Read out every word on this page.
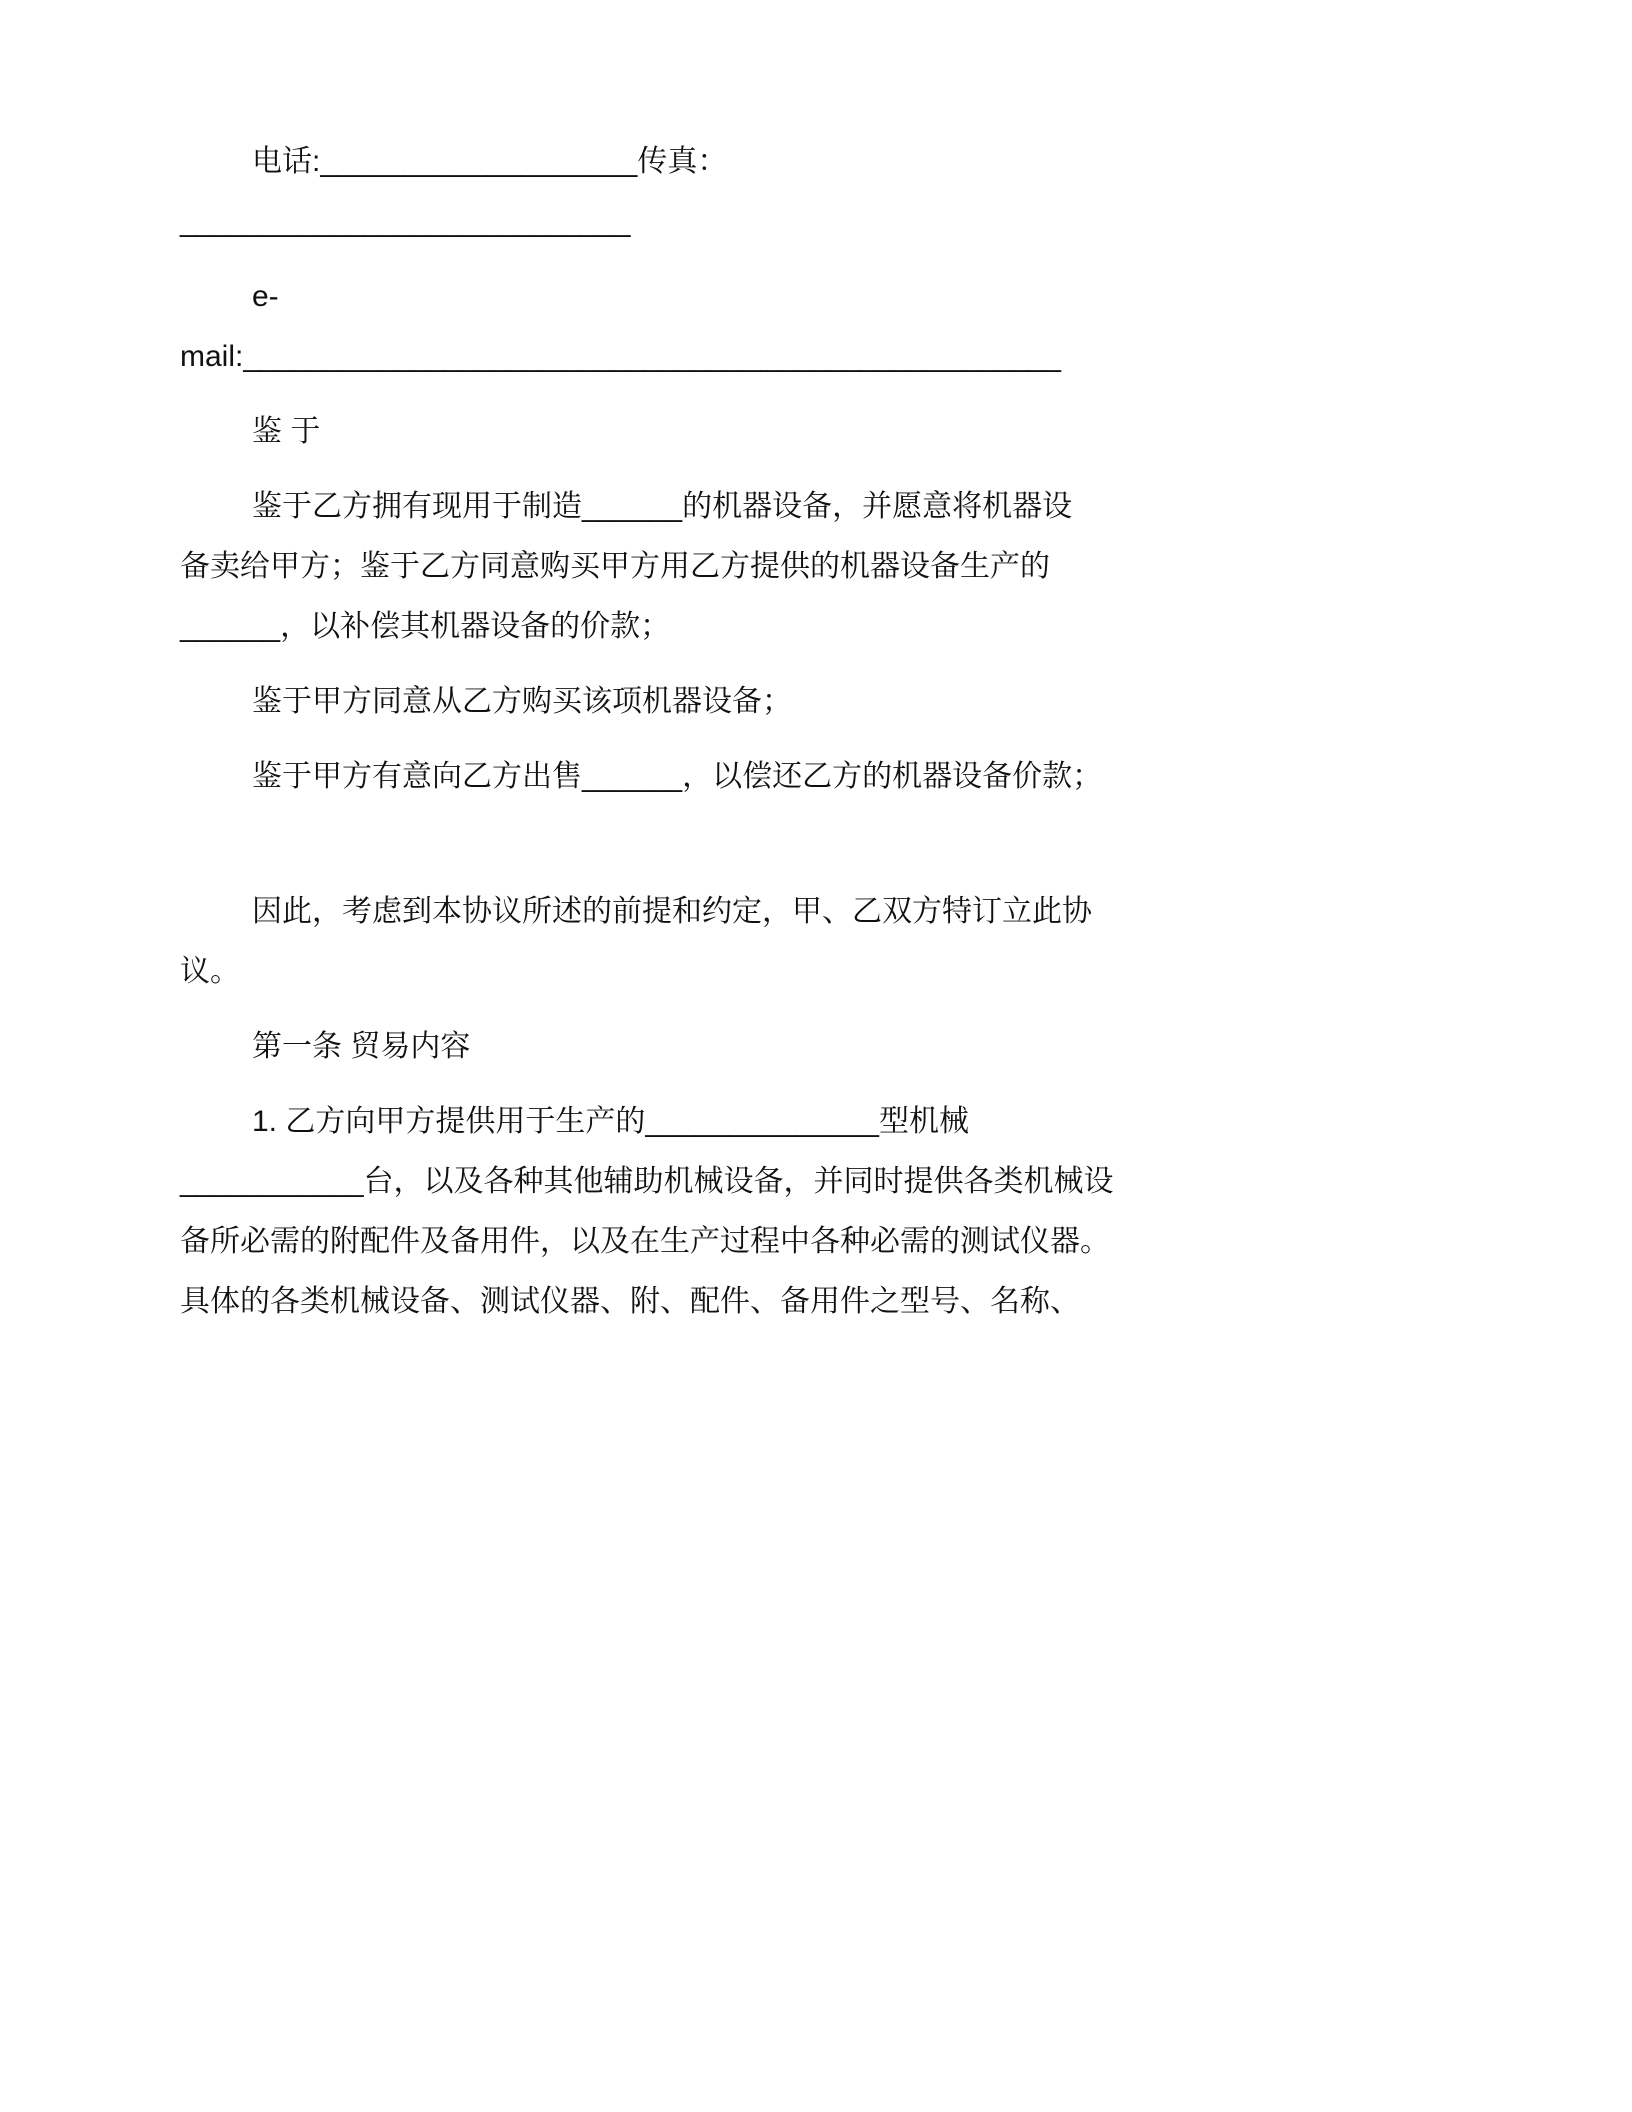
电话:___________________传真：
___________________________

e-
mail:_________________________________________________

鉴 于

鉴于乙方拥有现用于制造______的机器设备，并愿意将机器设
备卖给甲方；鉴于乙方同意购买甲方用乙方提供的机器设备生产的
______，以补偿其机器设备的价款；

鉴于甲方同意从乙方购买该项机器设备；

鉴于甲方有意向乙方出售______，以偿还乙方的机器设备价款；

因此，考虑到本协议所述的前提和约定，甲、乙双方特订立此协
议。

第一条 贸易内容

1. 乙方向甲方提供用于生产的______________型机械
___________台，以及各种其他辅助机械设备，并同时提供各类机械设
备所必需的附配件及备用件，以及在生产过程中各种必需的测试仪器。
具体的各类机械设备、测试仪器、附、配件、备用件之型号、名称、
